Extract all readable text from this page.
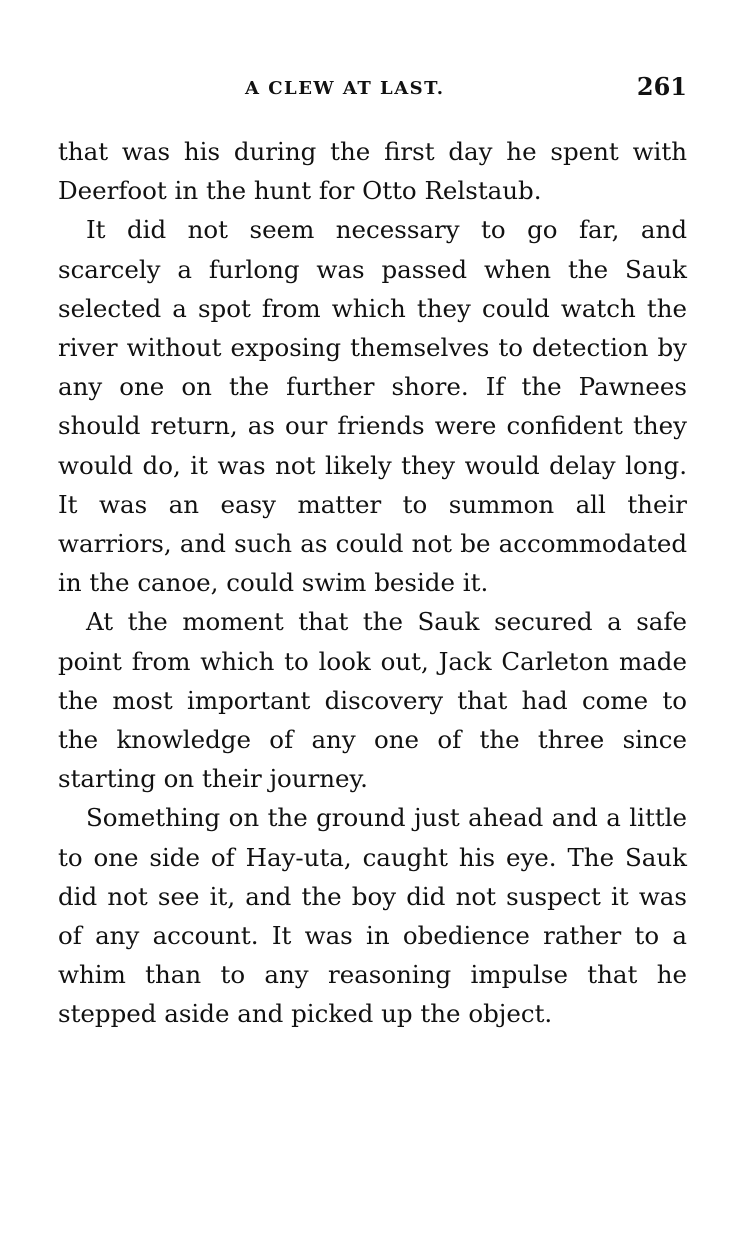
A CLEW AT LAST.	261

that was his during the first day he spent with Deerfoot in the hunt for Otto Relstaub.

It did not seem necessary to go far, and scarcely a furlong was passed when the Sauk selected a spot from which they could watch the river without exposing themselves to detection by any one on the further shore. If the Pawnees should return, as our friends were confident they would do, it was not likely they would delay long. It was an easy matter to summon all their warriors, and such as could not be accommodated in the canoe, could swim beside it.

At the moment that the Sauk secured a safe point from which to look out, Jack Carleton made the most important discovery that had come to the knowledge of any one of the three since starting on their journey.

Something on the ground just ahead and a little to one side of Hay-uta, caught his eye. The Sauk did not see it, and the boy did not suspect it was of any account. It was in obedience rather to a whim than to any reasoning impulse that he stepped aside and picked up the object.
